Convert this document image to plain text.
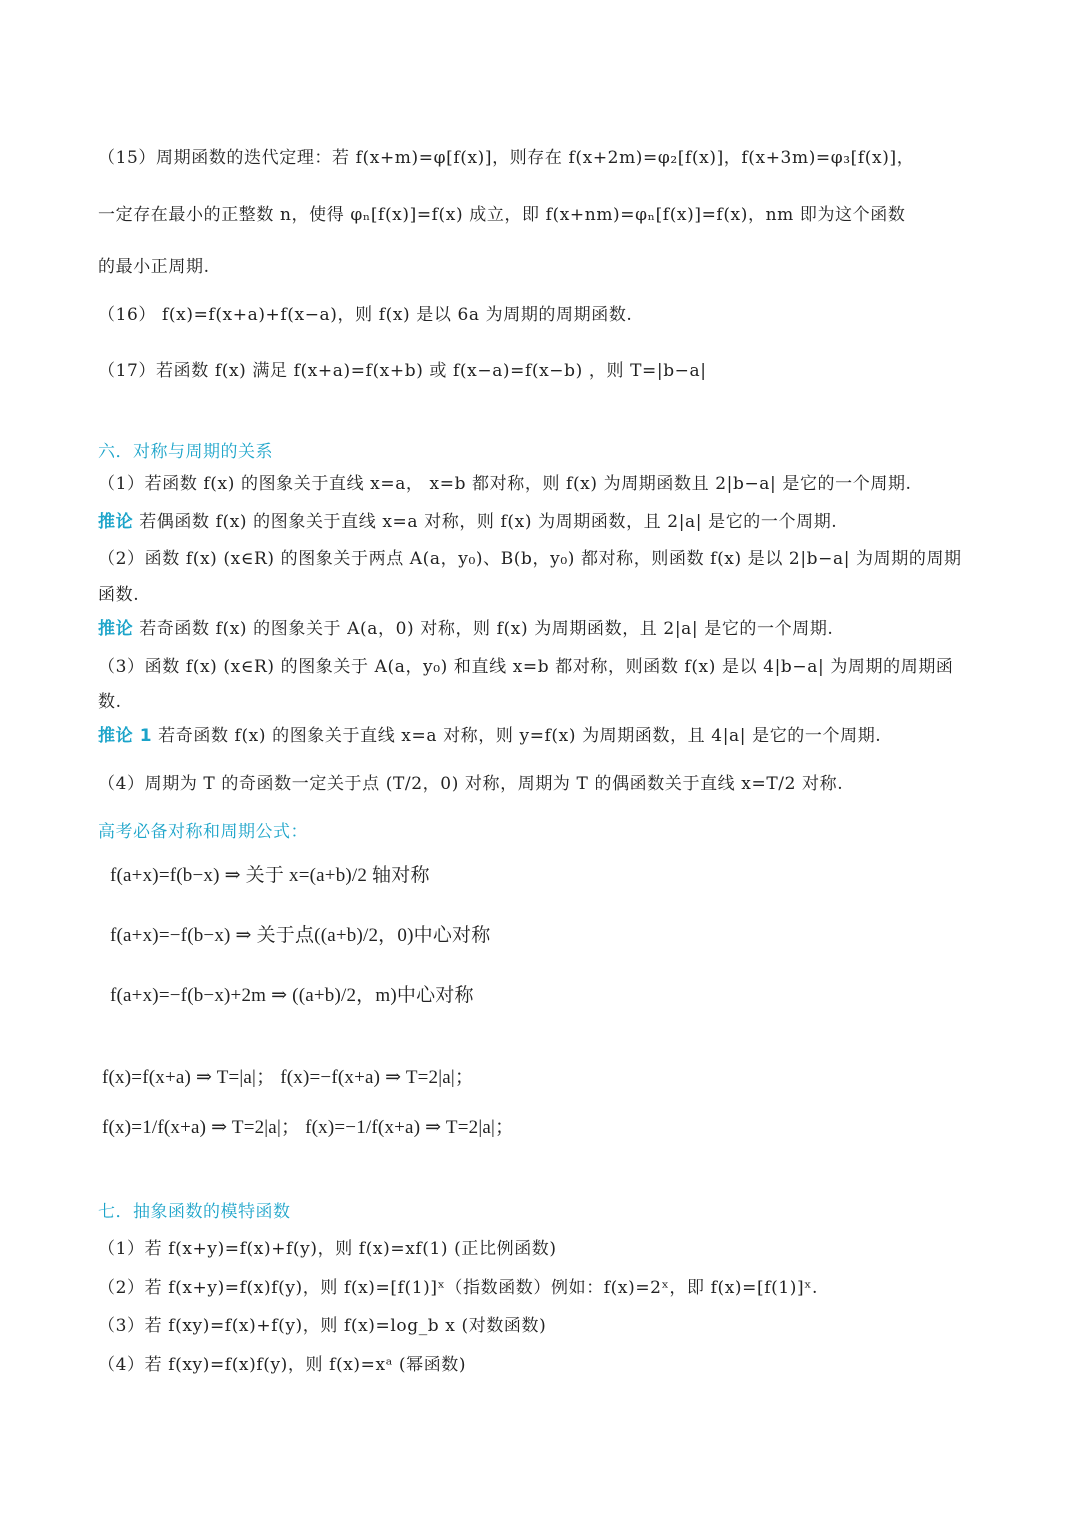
（15）周期函数的迭代定理：若 f(x+m)=φ[f(x)]，则存在 f(x+2m)=φ₂[f(x)]，f(x+3m)=φ₃[f(x)]，
一定存在最小的正整数 n，使得 φₙ[f(x)]=f(x) 成立，即 f(x+nm)=φₙ[f(x)]=f(x)，nm 即为这个函数
的最小正周期.
（16） f(x)=f(x+a)+f(x−a)，则 f(x) 是以 6a 为周期的周期函数.
（17）若函数 f(x) 满足 f(x+a)=f(x+b) 或 f(x−a)=f(x−b) ，则 T=|b−a|
六．对称与周期的关系
（1）若函数 f(x) 的图象关于直线 x=a， x=b 都对称，则 f(x) 为周期函数且 2|b−a| 是它的一个周期.
推论 若偶函数 f(x) 的图象关于直线 x=a 对称，则 f(x) 为周期函数，且 2|a| 是它的一个周期.
（2）函数 f(x) (x∈R) 的图象关于两点 A(a，y₀)、B(b，y₀) 都对称，则函数 f(x) 是以 2|b−a| 为周期的周期
函数.
推论 若奇函数 f(x) 的图象关于 A(a，0) 对称，则 f(x) 为周期函数，且 2|a| 是它的一个周期.
（3）函数 f(x) (x∈R) 的图象关于 A(a，y₀) 和直线 x=b 都对称，则函数 f(x) 是以 4|b−a| 为周期的周期函
数.
推论 1 若奇函数 f(x) 的图象关于直线 x=a 对称，则 y=f(x) 为周期函数，且 4|a| 是它的一个周期.
（4）周期为 T 的奇函数一定关于点 (T/2，0) 对称，周期为 T 的偶函数关于直线 x=T/2 对称.
高考必备对称和周期公式：
f(a+x)=f(b−x) ⇒ 关于 x=(a+b)/2 轴对称
f(a+x)=−f(b−x) ⇒ 关于点((a+b)/2，0)中心对称
f(a+x)=−f(b−x)+2m ⇒ ((a+b)/2，m)中心对称
f(x)=f(x+a) ⇒ T=|a|； f(x)=−f(x+a) ⇒ T=2|a|；
f(x)=1/f(x+a) ⇒ T=2|a|； f(x)=−1/f(x+a) ⇒ T=2|a|；
七．抽象函数的模特函数
（1）若 f(x+y)=f(x)+f(y)，则 f(x)=xf(1) (正比例函数)
（2）若 f(x+y)=f(x)f(y)，则 f(x)=[f(1)]ˣ（指数函数）例如：f(x)=2ˣ，即 f(x)=[f(1)]ˣ.
（3）若 f(xy)=f(x)+f(y)，则 f(x)=log_b x (对数函数)
（4）若 f(xy)=f(x)f(y)，则 f(x)=xᵃ (幂函数)
